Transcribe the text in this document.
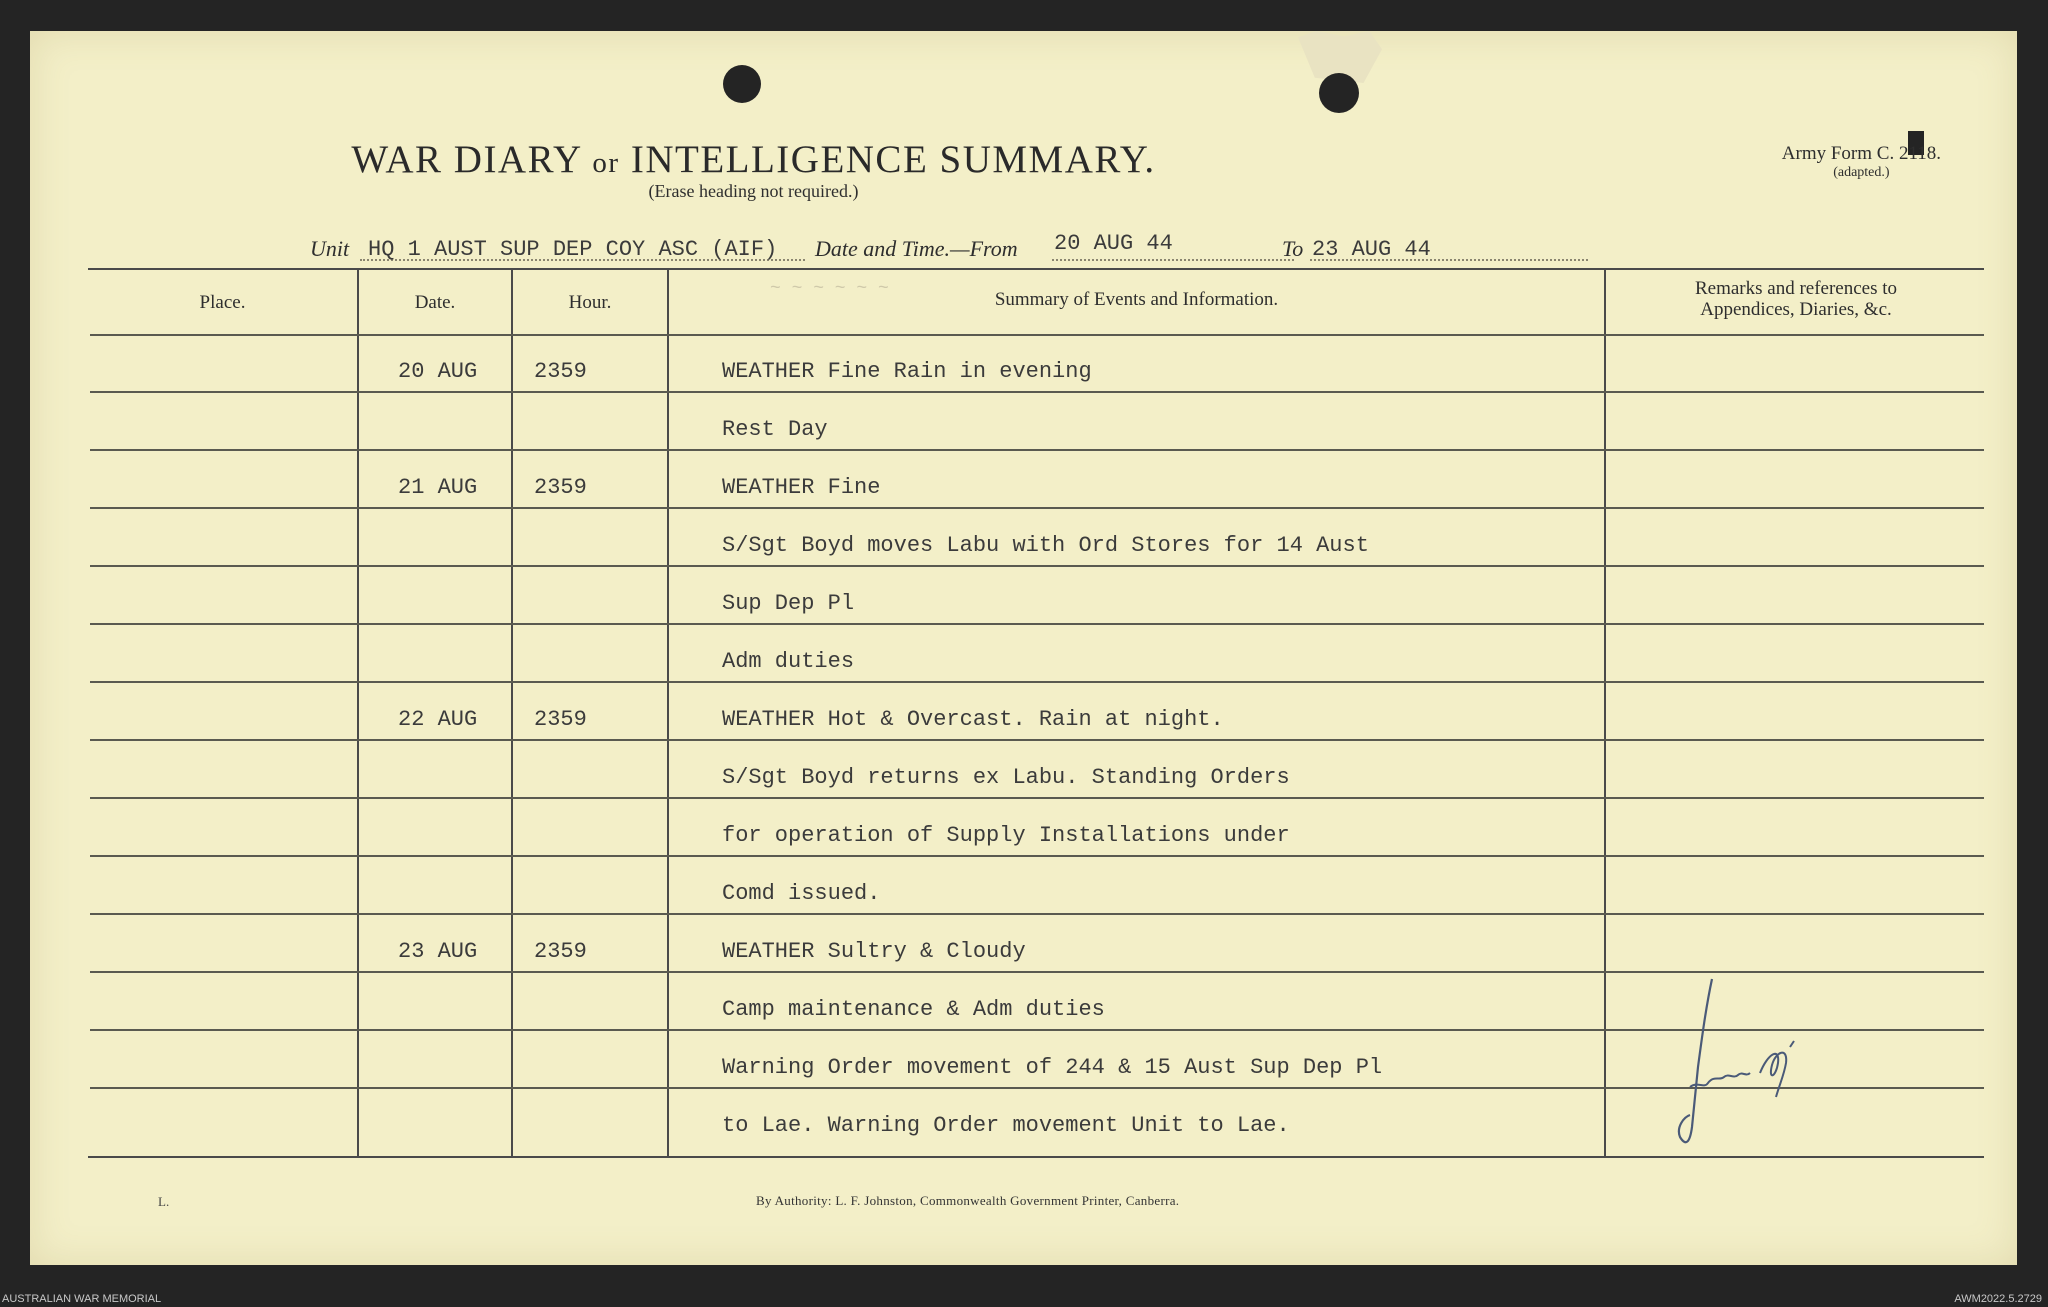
WAR DIARY or INTELLIGENCE SUMMARY.
(Erase heading not required.)
Army Form C. 2118.
(adapted.)
Unit HQ 1 AUST SUP DEP COY ASC (AIF) Date and Time.—From 20 AUG 44	To 23 AUG 44
Place.	Date.	Hour.	Summary of Events and Information.
Remarks and references to
Appendices, Diaries, &c.
20 AUG	2359	WEATHER Fine Rain in evening
Rest Day
21 AUG	2359	WEATHER Fine
S/Sgt Boyd moves Labu with Ord Stores for 14 Aust
Sup Dep Pl
Adm duties
22 AUG	2359	WEATHER Hot & Overcast. Rain at night.
S/Sgt Boyd returns ex Labu. Standing Orders
for operation of Supply Installations under
Comd issued.
23 AUG	2359	WEATHER Sultry & Cloudy
Camp maintenance & Adm duties
Warning Order movement of 244 & 15 Aust Sup Dep Pl
to Lae. Warning Order movement Unit to Lae.
~ ~ ~ ~ ~ ~
L.	By Authority: L. F. Johnston, Commonwealth Government Printer, Canberra.
AUSTRALIAN WAR MEMORIAL	AWM2022.5.2729
